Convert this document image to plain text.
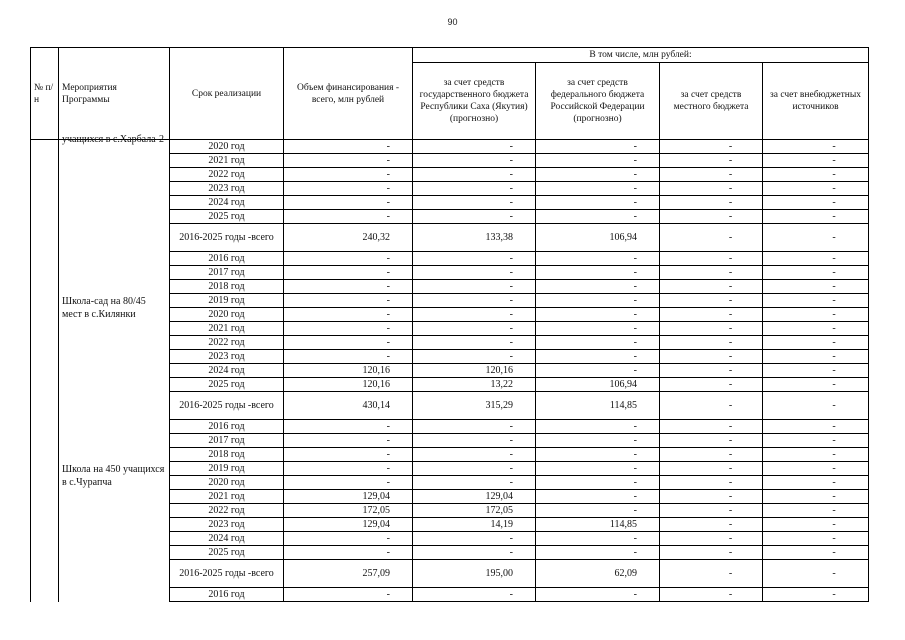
90
№ п/н	Мероприятия Программы	Срок реализации	Объем финансирования - всего, млн рублей	В том числе, млн рублей:			
				за счет средств государственного бюджета Республики Саха (Якутия) (прогнозно)	за счет средств федерального бюджета Российской Федерации (прогнозно)	за счет средств местного бюджета	за счет внебюджетных источников

	учащихся в с.Харбала-2	2020 год	-	-	-	-	-
		2021 год	-	-	-	-	-
		2022 год	-	-	-	-	-
		2023 год	-	-	-	-	-
		2024 год	-	-	-	-	-
		2025 год	-	-	-	-	-
	Школа-сад на 80/45 мест в с.Килянки	2016-2025 годы -всего	240,32	133,38	106,94	-	-
		2016 год	-	-	-	-	-
		2017 год	-	-	-	-	-
		2018 год	-	-	-	-	-
		2019 год	-	-	-	-	-
		2020 год	-	-	-	-	-
		2021 год	-	-	-	-	-
		2022 год	-	-	-	-	-
		2023 год	-	-	-	-	-
		2024 год	120,16	120,16	-	-	-
		2025 год	120,16	13,22	106,94	-	-
	Школа на 450 учащихся в с.Чурапча	2016-2025 годы -всего	430,14	315,29	114,85	-	-
		2016 год	-	-	-	-	-
		2017 год	-	-	-	-	-
		2018 год	-	-	-	-	-
		2019 год	-	-	-	-	-
		2020 год	-	-	-	-	-
		2021 год	129,04	129,04	-	-	-
		2022 год	172,05	172,05	-	-	-
		2023 год	129,04	14,19	114,85	-	-
		2024 год	-	-	-	-	-
		2025 год	-	-	-	-	-
		2016-2025 годы -всего	257,09	195,00	62,09	-	-
		2016 год	-	-	-	-	-
